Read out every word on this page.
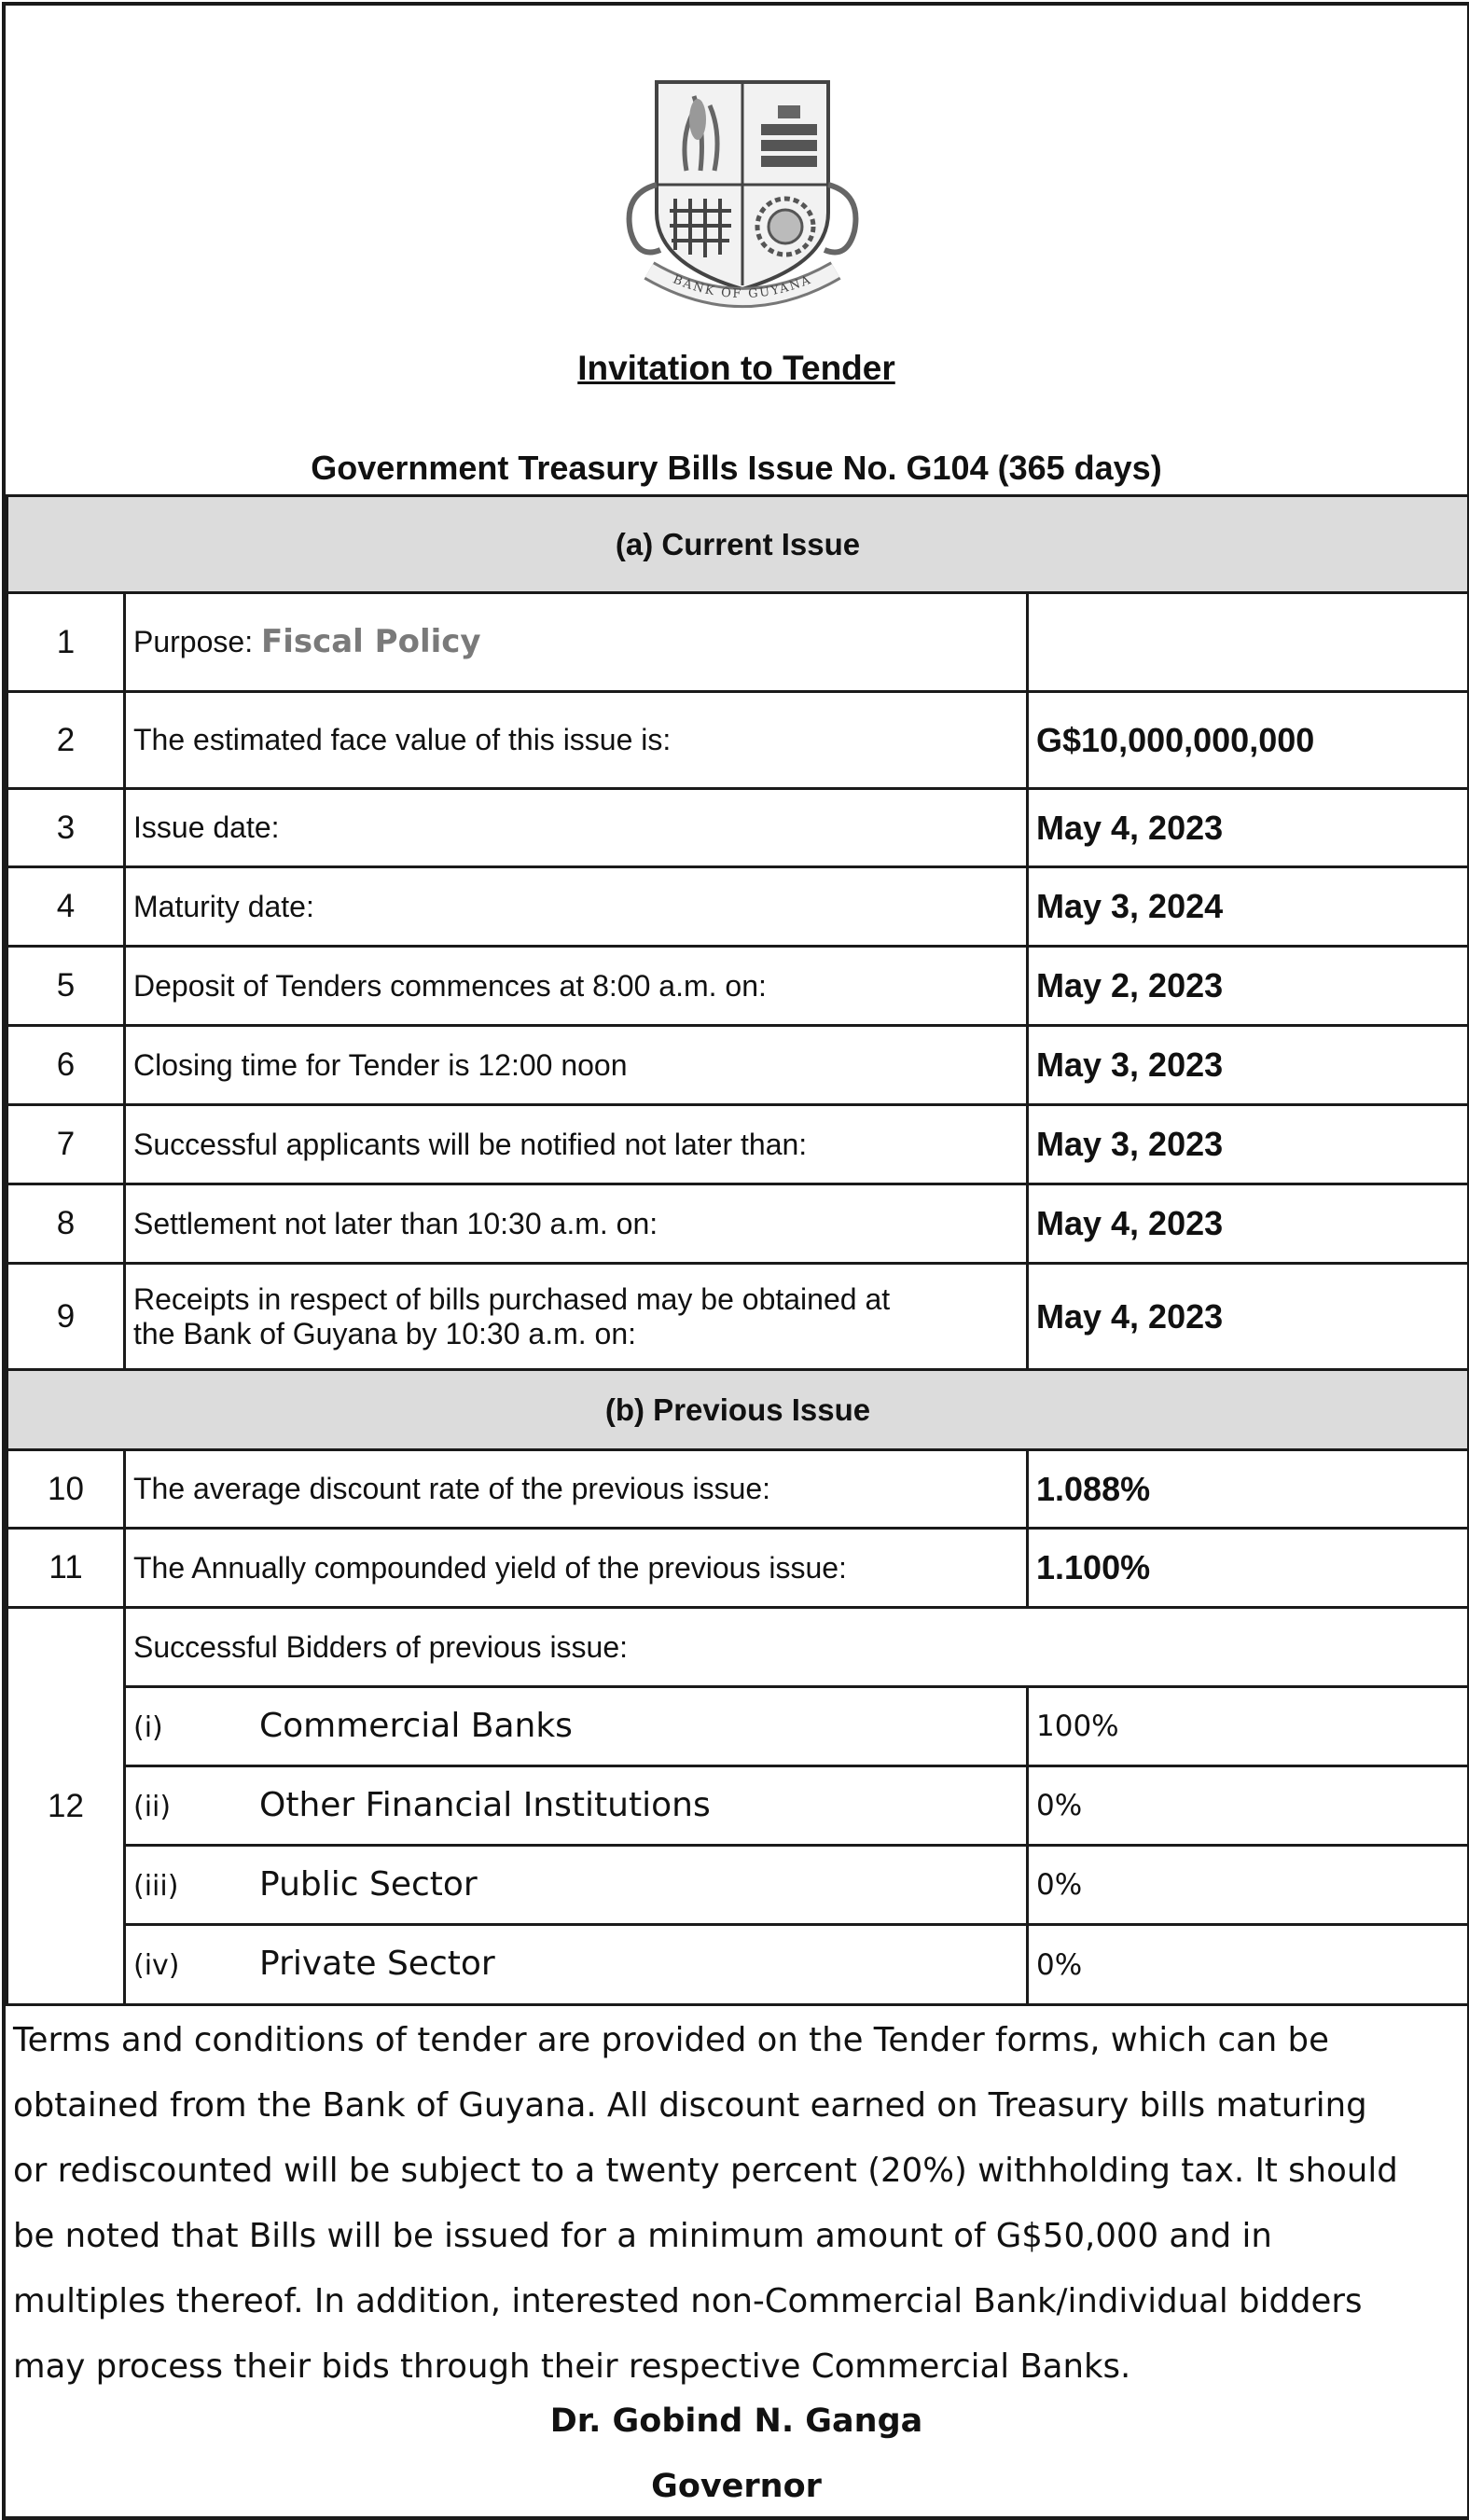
BANK OF GUYANA
Invitation to Tender
Government Treasury Bills Issue No. G104 (365 days)
(a) Current Issue		
1	Purpose: Fiscal Policy	
2	The estimated face value of this issue is:	G$10,000,000,000
3	Issue date:	May 4, 2023
4	Maturity date:	May 3, 2024
5	Deposit of Tenders commences at 8:00 a.m. on:	May 2, 2023
6	Closing time for Tender is 12:00 noon	May 3, 2023
7	Successful applicants will be notified not later than:	May 3, 2023
8	Settlement not later than 10:30 a.m. on:	May 4, 2023
9	Receipts in respect of bills purchased may be obtained at
the Bank of Guyana by 10:30 a.m. on:	May 4, 2023
(b) Previous Issue		
10	The average discount rate of the previous issue:	1.088%
11	The Annually compounded yield of the previous issue:	1.100%
12	Successful Bidders of previous issue:	
	(i) Commercial Banks	100%
	(ii) Other Financial Institutions	0%
	(iii) Public Sector	0%
	(iv) Private Sector	0%
Terms and conditions of tender are provided on the Tender forms, which can be
obtained from the Bank of Guyana. All discount earned on Treasury bills maturing
or rediscounted will be subject to a twenty percent (20%) withholding tax. It should
be noted that Bills will be issued for a minimum amount of G$50,000 and in
multiples thereof. In addition, interested non-Commercial Bank/individual bidders
may process their bids through their respective Commercial Banks.
Dr. Gobind N. Ganga
Governor
